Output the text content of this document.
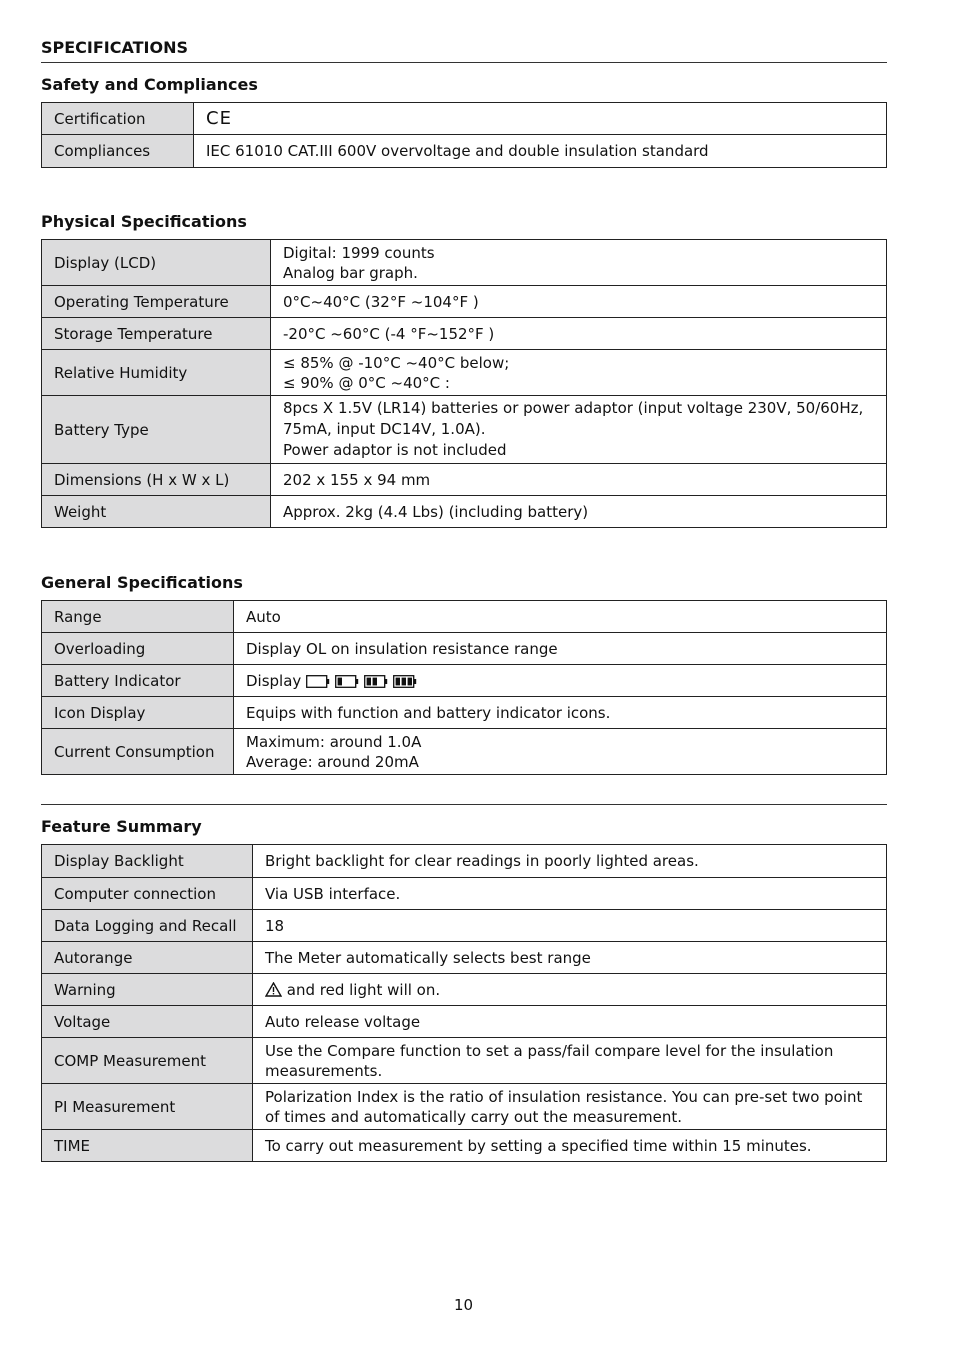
SPECIFICATIONS
Safety and Compliances
Certification	CE
Compliances	IEC 61010 CAT.III 600V overvoltage and double insulation standard
Physical Specifications
Display (LCD)	Digital: 1999 counts
Analog bar graph.

Operating Temperature	0°C~40°C (32°F ~104°F )
Storage Temperature	-20°C ~60°C (-4 °F~152°F )
Relative Humidity	≤ 85% @ -10°C ~40°C below;
≤ 90% @ 0°C ~40°C :

Battery Type	8pcs X 1.5V (LR14) batteries or power adaptor (input voltage 230V, 50/60Hz,
75mA, input DC14V, 1.0A).
Power adaptor is not included

Dimensions (H x W x L)	202 x 155 x 94 mm
Weight	Approx. 2kg (4.4 Lbs) (including battery)
General Specifications
Range	Auto
Overloading	Display OL on insulation resistance range
Battery Indicator	Display
Icon Display	Equips with function and battery indicator icons.
Current Consumption	Maximum: around 1.0A
Average: around 20mA
Feature Summary
Display Backlight	Bright backlight for clear readings in poorly lighted areas.
Computer connection	Via USB interface.
Data Logging and Recall	18
Autorange	The Meter automatically selects best range
Warning	and red light will on.
Voltage	Auto release voltage
COMP Measurement	Use the Compare function to set a pass/fail compare level for the insulation
measurements.

PI Measurement	Polarization Index is the ratio of insulation resistance. You can pre-set two point
of times and automatically carry out the measurement.

TIME	To carry out measurement by setting a specified time within 15 minutes.
10
